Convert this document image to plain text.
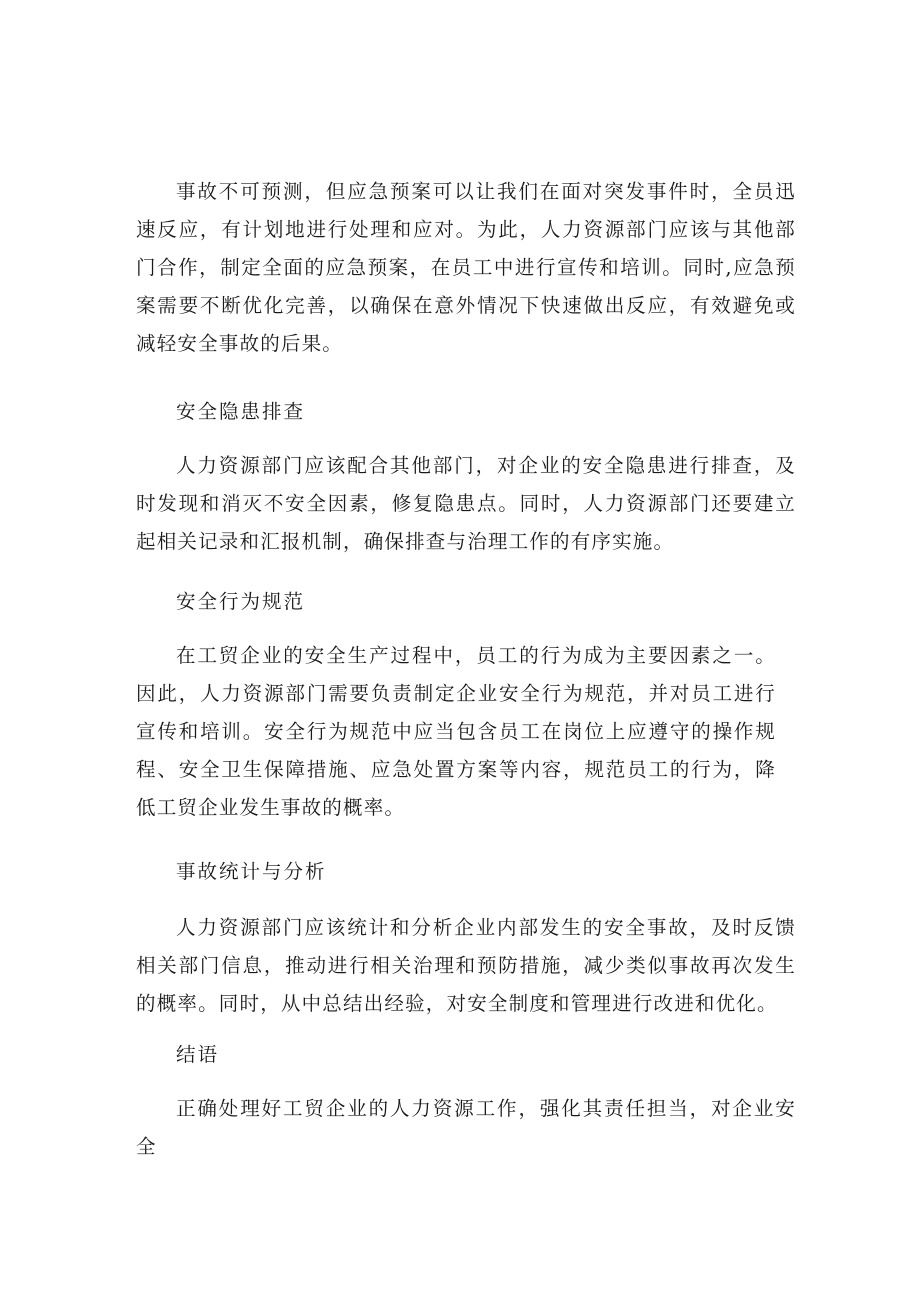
事故不可预测，但应急预案可以让我们在面对突发事件时，全员迅速反应，有计划地进行处理和应对。为此，人力资源部门应该与其他部门合作，制定全面的应急预案，在员工中进行宣传和培训。同时,应急预案需要不断优化完善，以确保在意外情况下快速做出反应，有效避免或减轻安全事故的后果。

安全隐患排查

人力资源部门应该配合其他部门，对企业的安全隐患进行排查，及时发现和消灭不安全因素，修复隐患点。同时，人力资源部门还要建立起相关记录和汇报机制，确保排查与治理工作的有序实施。

安全行为规范

在工贸企业的安全生产过程中，员工的行为成为主要因素之一。因此，人力资源部门需要负责制定企业安全行为规范，并对员工进行宣传和培训。安全行为规范中应当包含员工在岗位上应遵守的操作规程、安全卫生保障措施、应急处置方案等内容，规范员工的行为，降低工贸企业发生事故的概率。

事故统计与分析

人力资源部门应该统计和分析企业内部发生的安全事故，及时反馈相关部门信息，推动进行相关治理和预防措施，减少类似事故再次发生的概率。同时，从中总结出经验，对安全制度和管理进行改进和优化。

结语

正确处理好工贸企业的人力资源工作，强化其责任担当，对企业安全
